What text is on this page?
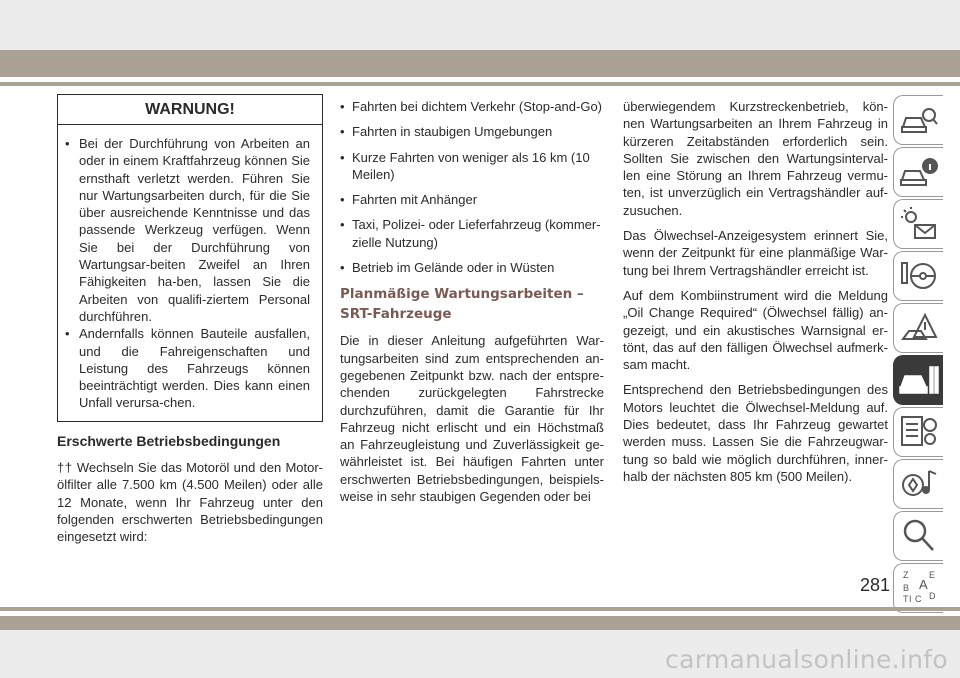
WARNUNG!
• Bei der Durchführung von Arbeiten an oder in einem Kraftfahrzeug können Sie ernsthaft verletzt werden. Führen Sie nur Wartungsarbeiten durch, für die Sie über ausreichende Kenntnisse und das passende Werkzeug verfügen. Wenn Sie bei der Durchführung von Wartungsar-beiten Zweifel an Ihren Fähigkeiten ha-ben, lassen Sie die Arbeiten von qualifi-ziertem Personal durchführen.
• Andernfalls können Bauteile ausfallen, und die Fahreigenschaften und Leistung des Fahrzeugs können beeinträchtigt werden. Dies kann einen Unfall verursa-chen.
Erschwerte Betriebsbedingungen

†† Wechseln Sie das Motoröl und den Motor-ölfilter alle 7.500 km (4.500 Meilen) oder alle 12 Monate, wenn Ihr Fahrzeug unter den folgenden erschwerten Betriebsbedingungen eingesetzt wird:

• Fahrten bei dichtem Verkehr (Stop-and-Go)
• Fahrten in staubigen Umgebungen
• Kurze Fahrten von weniger als 16 km (10 Meilen)
• Fahrten mit Anhänger
• Taxi, Polizei- oder Lieferfahrzeug (kommer-zielle Nutzung)
• Betrieb im Gelände oder in Wüsten
Planmäßige Wartungsarbeiten –
SRT-Fahrzeuge

Die in dieser Anleitung aufgeführten War-tungsarbeiten sind zum entsprechenden an-gegebenen Zeitpunkt bzw. nach der entspre-chenden zurückgelegten Fahrstrecke durchzuführen, damit die Garantie für Ihr Fahrzeug nicht erlischt und ein Höchstmaß an Fahrzeugleistung und Zuverlässigkeit ge-währleistet ist. Bei häufigen Fahrten unter erschwerten Betriebsbedingungen, beispiels-weise in sehr staubigen Gegenden oder bei

überwiegendem Kurzstreckenbetrieb, kön-nen Wartungsarbeiten an Ihrem Fahrzeug in kürzeren Zeitabständen erforderlich sein. Sollten Sie zwischen den Wartungsinterval-len eine Störung an Ihrem Fahrzeug vermu-ten, ist unverzüglich ein Vertragshändler auf-zusuchen.

Das Ölwechsel-Anzeigesystem erinnert Sie, wenn der Zeitpunkt für eine planmäßige War-tung bei Ihrem Vertragshändler erreicht ist.

Auf dem Kombiinstrument wird die Meldung „Oil Change Required“ (Ölwechsel fällig) an-gezeigt, und ein akustisches Warnsignal er-tönt, das auf den fälligen Ölwechsel aufmerk-sam macht.

Entsprechend den Betriebsbedingungen des Motors leuchtet die Ölwechsel-Meldung auf. Dies bedeutet, dass Ihr Fahrzeug gewartet werden muss. Lassen Sie die Fahrzeugwar-tung so bald wie möglich durchführen, inner-halb der nächsten 805 km (500 Meilen).

Z E
A
B
I C
T D
281
carmanualsonline.info
